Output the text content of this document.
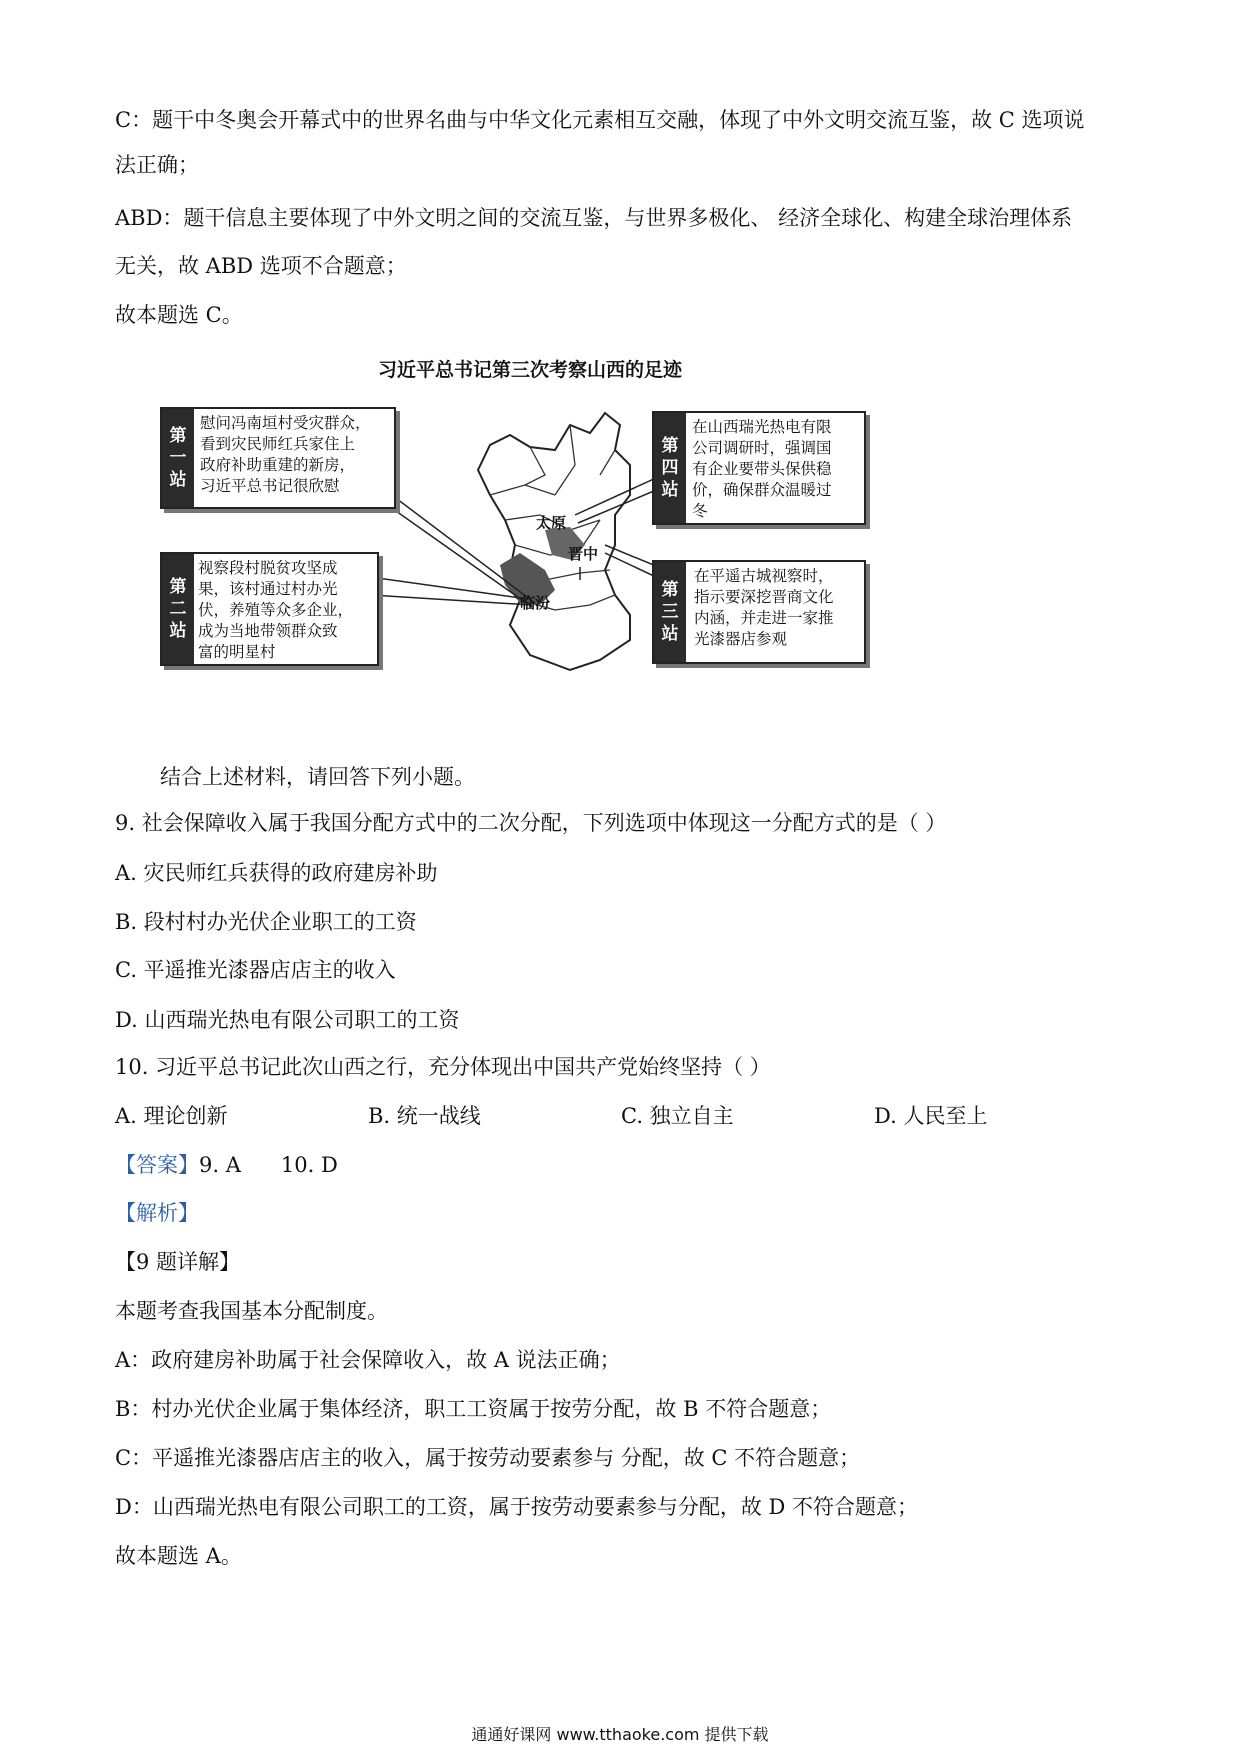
C：题干中冬奥会开幕式中的世界名曲与中华文化元素相互交融，体现了中外文明交流互鉴，故 C 选项说
法正确；
ABD：题干信息主要体现了中外文明之间的交流互鉴，与世界多极化、 经济全球化、构建全球治理体系
无关，故 ABD 选项不合题意；
故本题选 C。
习近平总书记第三次考察山西的足迹
太原
晋中
临汾
第
一
站
慰问冯南垣村受灾群众，
看到灾民师红兵家住上
政府补助重建的新房，
习近平总书记很欣慰
第
二
站
视察段村脱贫攻坚成
果，该村通过村办光
伏，养殖等众多企业，
成为当地带领群众致
富的明星村
第
四
站
在山西瑞光热电有限
公司调研时，强调国
有企业要带头保供稳
价，确保群众温暖过
冬
第
三
站
在平遥古城视察时，
指示要深挖晋商文化
内涵，并走进一家推
光漆器店参观
结合上述材料，请回答下列小题。
9. 社会保障收入属于我国分配方式中的二次分配，下列选项中体现这一分配方式的是（ ）
A. 灾民师红兵获得的政府建房补助
B. 段村村办光伏企业职工的工资
C. 平遥推光漆器店店主的收入
D. 山西瑞光热电有限公司职工的工资
10. 习近平总书记此次山西之行，充分体现出中国共产党始终坚持（ ）
A. 理论创新	B. 统一战线	C. 独立自主	D. 人民至上
【答案】9. A 10. D
【解析】
【9 题详解】
本题考查我国基本分配制度。
A：政府建房补助属于社会保障收入，故 A 说法正确；
B：村办光伏企业属于集体经济，职工工资属于按劳分配，故 B 不符合题意；
C：平遥推光漆器店店主的收入，属于按劳动要素参与 分配，故 C 不符合题意；
D：山西瑞光热电有限公司职工的工资，属于按劳动要素参与分配，故 D 不符合题意；
故本题选 A。
通通好课网 www.tthaoke.com 提供下载
